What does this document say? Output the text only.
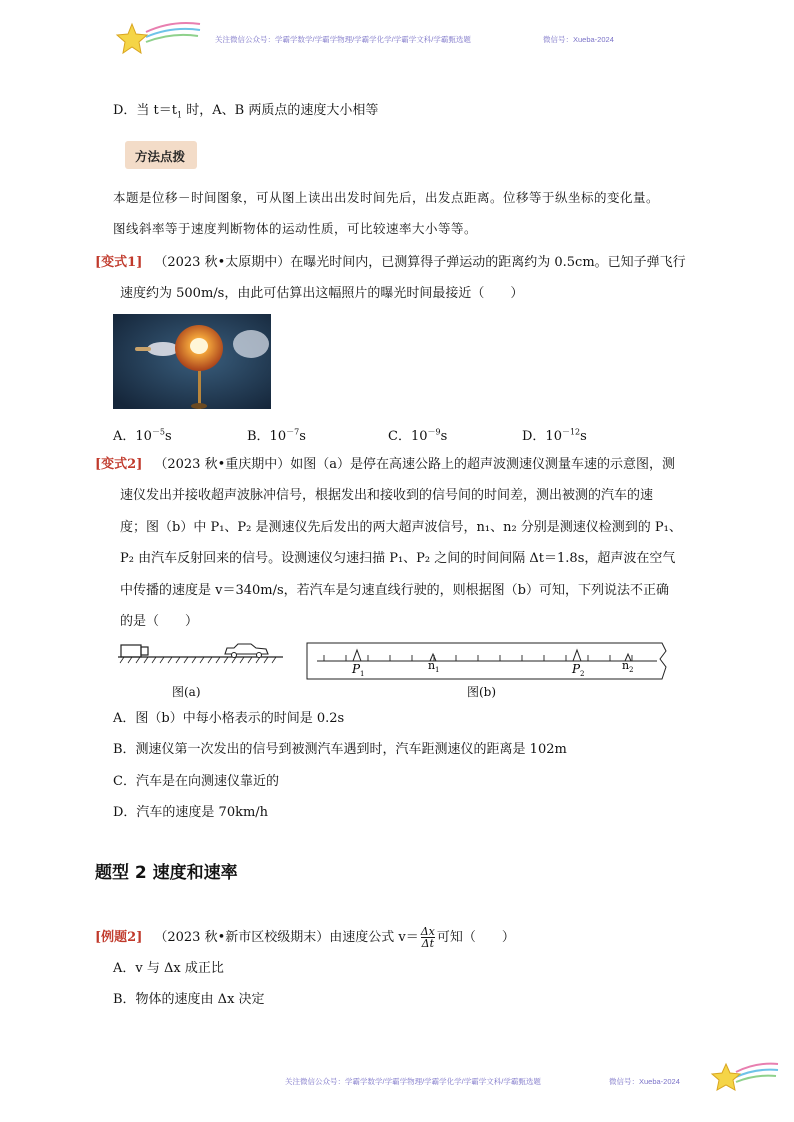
关注微信公众号：学霸学数学/学霸学物理/学霸学化学/学霸学文科/学霸甄选题	微信号：Xueba-2024
D．当 $t=t_1$ 时，A、B 两质点的速度大小相等
方法点拨
本题是位移－时间图象，可从图上读出出发时间先后，出发点距离。位移等于纵坐标的变化量。
图线斜率等于速度判断物体的运动性质，可比较速率大小等等。
[变式1] （2023 秋•太原期中）在曝光时间内，已测算得子弹运动的距离约为 0.5cm。已知子弹飞行
速度约为 500m/s，由此可估算出这幅照片的曝光时间最接近（　　）
A．$10^{-5}s$	B．$10^{-7}s$	C．$10^{-9}s$	D．$10^{-12}s$
[变式2] （2023 秋•重庆期中）如图（a）是停在高速公路上的超声波测速仪测量车速的示意图，测
速仪发出并接收超声波脉冲信号，根据发出和接收到的信号间的时间差，测出被测的汽车的速
度；图（b）中 P₁、P₂ 是测速仪先后发出的两大超声波信号，n₁、n₂ 分别是测速仪检测到的 P₁、
P₂ 由汽车反射回来的信号。设测速仪匀速扫描 P₁、P₂ 之间的时间间隔 Δt＝1.8s，超声波在空气
中传播的速度是 v＝340m/s，若汽车是匀速直线行驶的，则根据图（b）可知，下列说法不正确
的是（　　）
图(a)
P 1
n 1	P 2
n 2
图(b)
A．图（b）中每小格表示的时间是 0.2s
B．测速仪第一次发出的信号到被测汽车遇到时，汽车距测速仪的距离是 102m
C．汽车是在向测速仪靠近的
D．汽车的速度是 70km/h
题型 2 速度和速率
[例题2] （2023 秋•新市区校级期末）由速度公式 $v= \frac{\Delta x}{\Delta t}$ 可知（　　）
A．v 与 Δx 成正比
B．物体的速度由 Δx 决定
关注微信公众号：学霸学数学/学霸学物理/学霸学化学/学霸学文科/学霸甄选题	微信号：Xueba-2024
